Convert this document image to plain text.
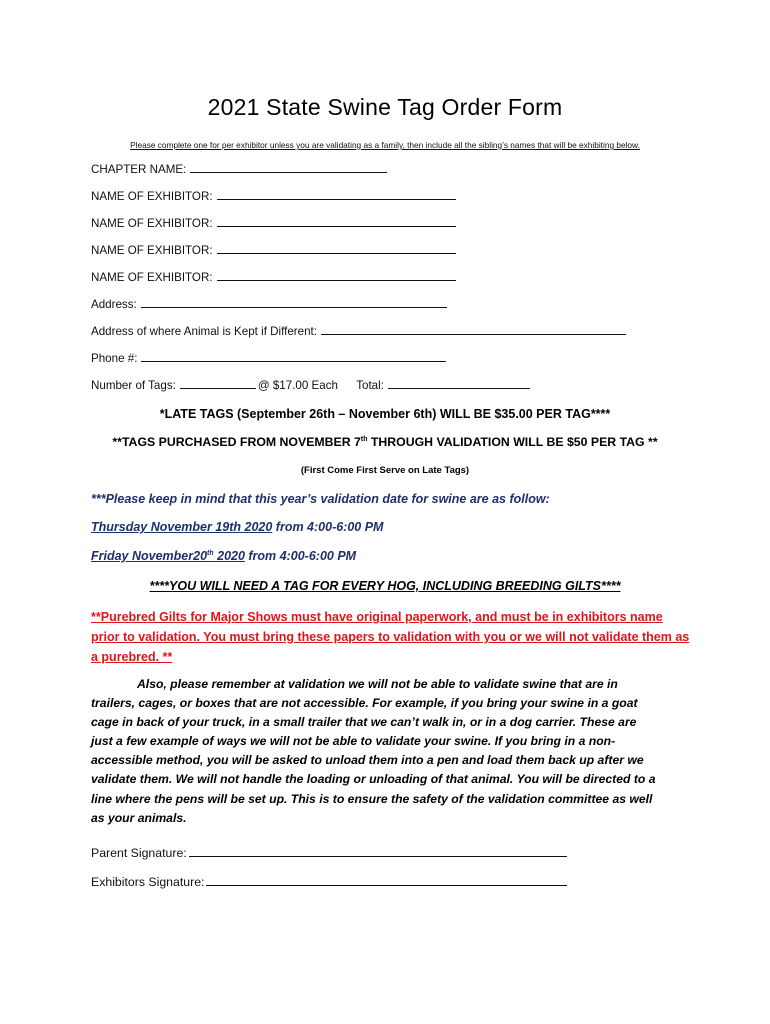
2021 State Swine Tag Order Form
Please complete one for per exhibitor unless you are validating as a family, then include all the sibling’s names that will be exhibiting below.
CHAPTER NAME:
NAME OF EXHIBITOR:
NAME OF EXHIBITOR:
NAME OF EXHIBITOR:
NAME OF EXHIBITOR:
Address:
Address of where Animal is Kept if Different:
Phone #:
Number of Tags:	@ $17.00 Each Total:
*LATE TAGS (September 26th – November 6th) WILL BE $35.00 PER TAG****
**TAGS PURCHASED FROM NOVEMBER 7th THROUGH VALIDATION WILL BE $50 PER TAG **
(First Come First Serve on Late Tags)
***Please keep in mind that this year’s validation date for swine are as follow:
Thursday November 19th 2020 from 4:00-6:00 PM
Friday November20th 2020 from 4:00-6:00 PM
****YOU WILL NEED A TAG FOR EVERY HOG, INCLUDING BREEDING GILTS****
**Purebred Gilts for Major Shows must have original paperwork, and must be in exhibitors name prior to validation. You must bring these papers to validation with you or we will not validate them as a purebred. **
Also, please remember at validation we will not be able to validate swine that are in trailers, cages, or boxes that are not accessible. For example, if you bring your swine in a goat cage in back of your truck, in a small trailer that we can’t walk in, or in a dog carrier. These are just a few example of ways we will not be able to validate your swine. If you bring in a non-accessible method, you will be asked to unload them into a pen and load them back up after we validate them. We will not handle the loading or unloading of that animal. You will be directed to a line where the pens will be set up. This is to ensure the safety of the validation committee as well as your animals.
Parent Signature:
Exhibitors Signature:
